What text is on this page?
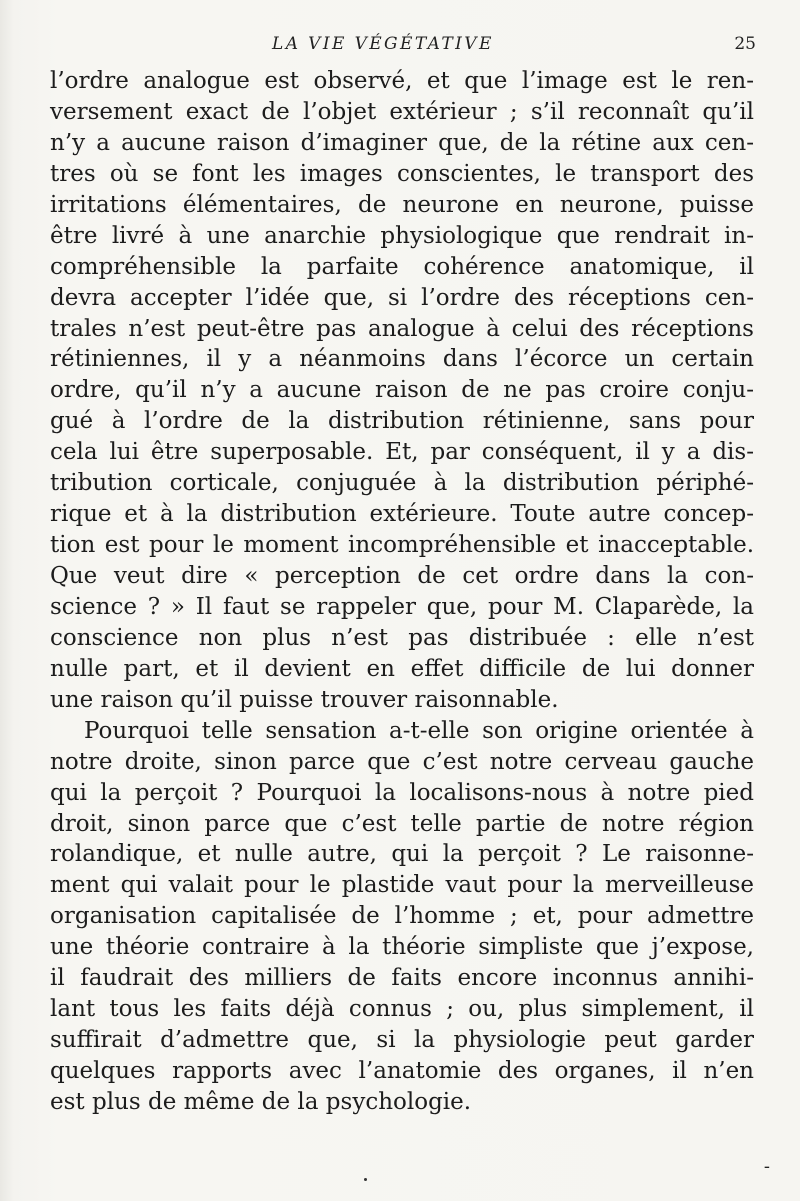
LA VIE VÉGÉTATIVE	25
l’ordre analogue est observé, et que l’image est le ren-
versement exact de l’objet extérieur ; s’il reconnaît qu’il
n’y a aucune raison d’imaginer que, de la rétine aux cen-
tres où se font les images conscientes, le transport des
irritations élémentaires, de neurone en neurone, puisse
être livré à une anarchie physiologique que rendrait in-
compréhensible la parfaite cohérence anatomique, il
devra accepter l’idée que, si l’ordre des réceptions cen-
trales n’est peut-être pas analogue à celui des réceptions
rétiniennes, il y a néanmoins dans l’écorce un certain
ordre, qu’il n’y a aucune raison de ne pas croire conju-
gué à l’ordre de la distribution rétinienne, sans pour
cela lui être superposable. Et, par conséquent, il y a dis-
tribution corticale, conjuguée à la distribution périphé-
rique et à la distribution extérieure. Toute autre concep-
tion est pour le moment incompréhensible et inacceptable.
Que veut dire « perception de cet ordre dans la con-
science ? » Il faut se rappeler que, pour M. Claparède, la
conscience non plus n’est pas distribuée : elle n’est
nulle part, et il devient en effet difficile de lui donner
une raison qu’il puisse trouver raisonnable.
Pourquoi telle sensation a-t-elle son origine orientée à
notre droite, sinon parce que c’est notre cerveau gauche
qui la perçoit ? Pourquoi la localisons-nous à notre pied
droit, sinon parce que c’est telle partie de notre région
rolandique, et nulle autre, qui la perçoit ? Le raisonne-
ment qui valait pour le plastide vaut pour la merveilleuse
organisation capitalisée de l’homme ; et, pour admettre
une théorie contraire à la théorie simpliste que j’expose,
il faudrait des milliers de faits encore inconnus annihi-
lant tous les faits déjà connus ; ou, plus simplement, il
suffirait d’admettre que, si la physiologie peut garder
quelques rapports avec l’anatomie des organes, il n’en
est plus de même de la psychologie.
-
